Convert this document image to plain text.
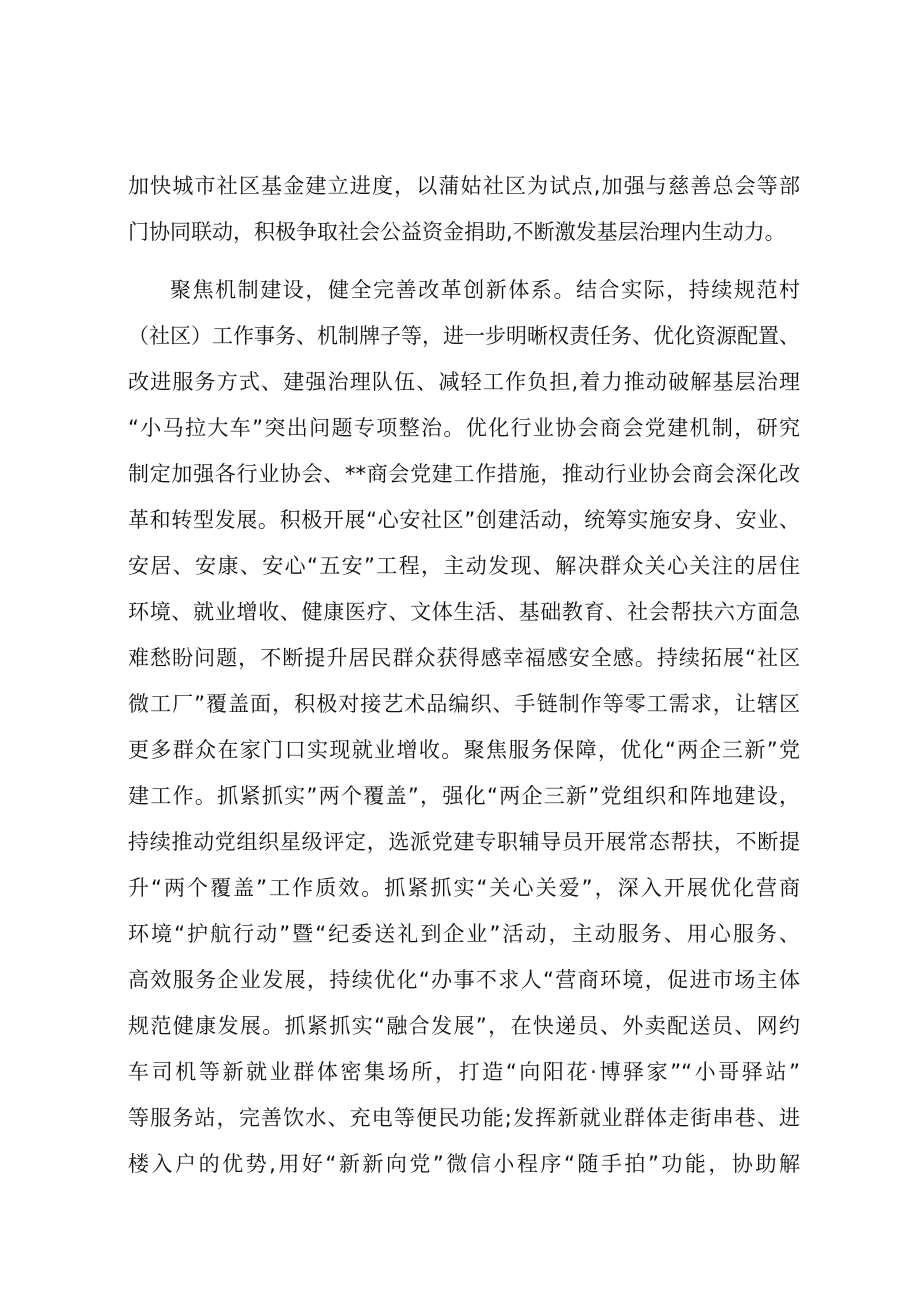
加快城市社区基金建立进度，以蒲姑社区为试点,加强与慈善总会等部
门协同联动，积极争取社会公益资金捐助,不断激发基层治理内生动力。
聚焦机制建设，健全完善改革创新体系。结合实际，持续规范村
（社区）工作事务、机制牌子等，进一步明晰权责任务、优化资源配置、
改进服务方式、建强治理队伍、减轻工作负担,着力推动破解基层治理
“小马拉大车”突出问题专项整治。优化行业协会商会党建机制，研究
制定加强各行业协会、**商会党建工作措施，推动行业协会商会深化改
革和转型发展。积极开展“心安社区”创建活动，统筹实施安身、安业、
安居、安康、安心“五安”工程，主动发现、解决群众关心关注的居住
环境、就业增收、健康医疗、文体生活、基础教育、社会帮扶六方面急
难愁盼问题，不断提升居民群众获得感幸福感安全感。持续拓展“社区
微工厂”覆盖面，积极对接艺术品编织、手链制作等零工需求，让辖区
更多群众在家门口实现就业增收。聚焦服务保障，优化“两企三新”党
建工作。抓紧抓实”两个覆盖”，强化“两企三新”党组织和阵地建设，
持续推动党组织星级评定，选派党建专职辅导员开展常态帮扶，不断提
升“两个覆盖”工作质效。抓紧抓实“关心关爱”，深入开展优化营商
环境“护航行动”暨“纪委送礼到企业”活动，主动服务、用心服务、
高效服务企业发展，持续优化“办事不求人“营商环境，促进市场主体
规范健康发展。抓紧抓实“融合发展”，在快递员、外卖配送员、网约
车司机等新就业群体密集场所，打造“向阳花·博驿家”“小哥驿站”
等服务站，完善饮水、充电等便民功能;发挥新就业群体走街串巷、进
楼入户的优势,用好“新新向党”微信小程序“随手拍”功能，协助解
